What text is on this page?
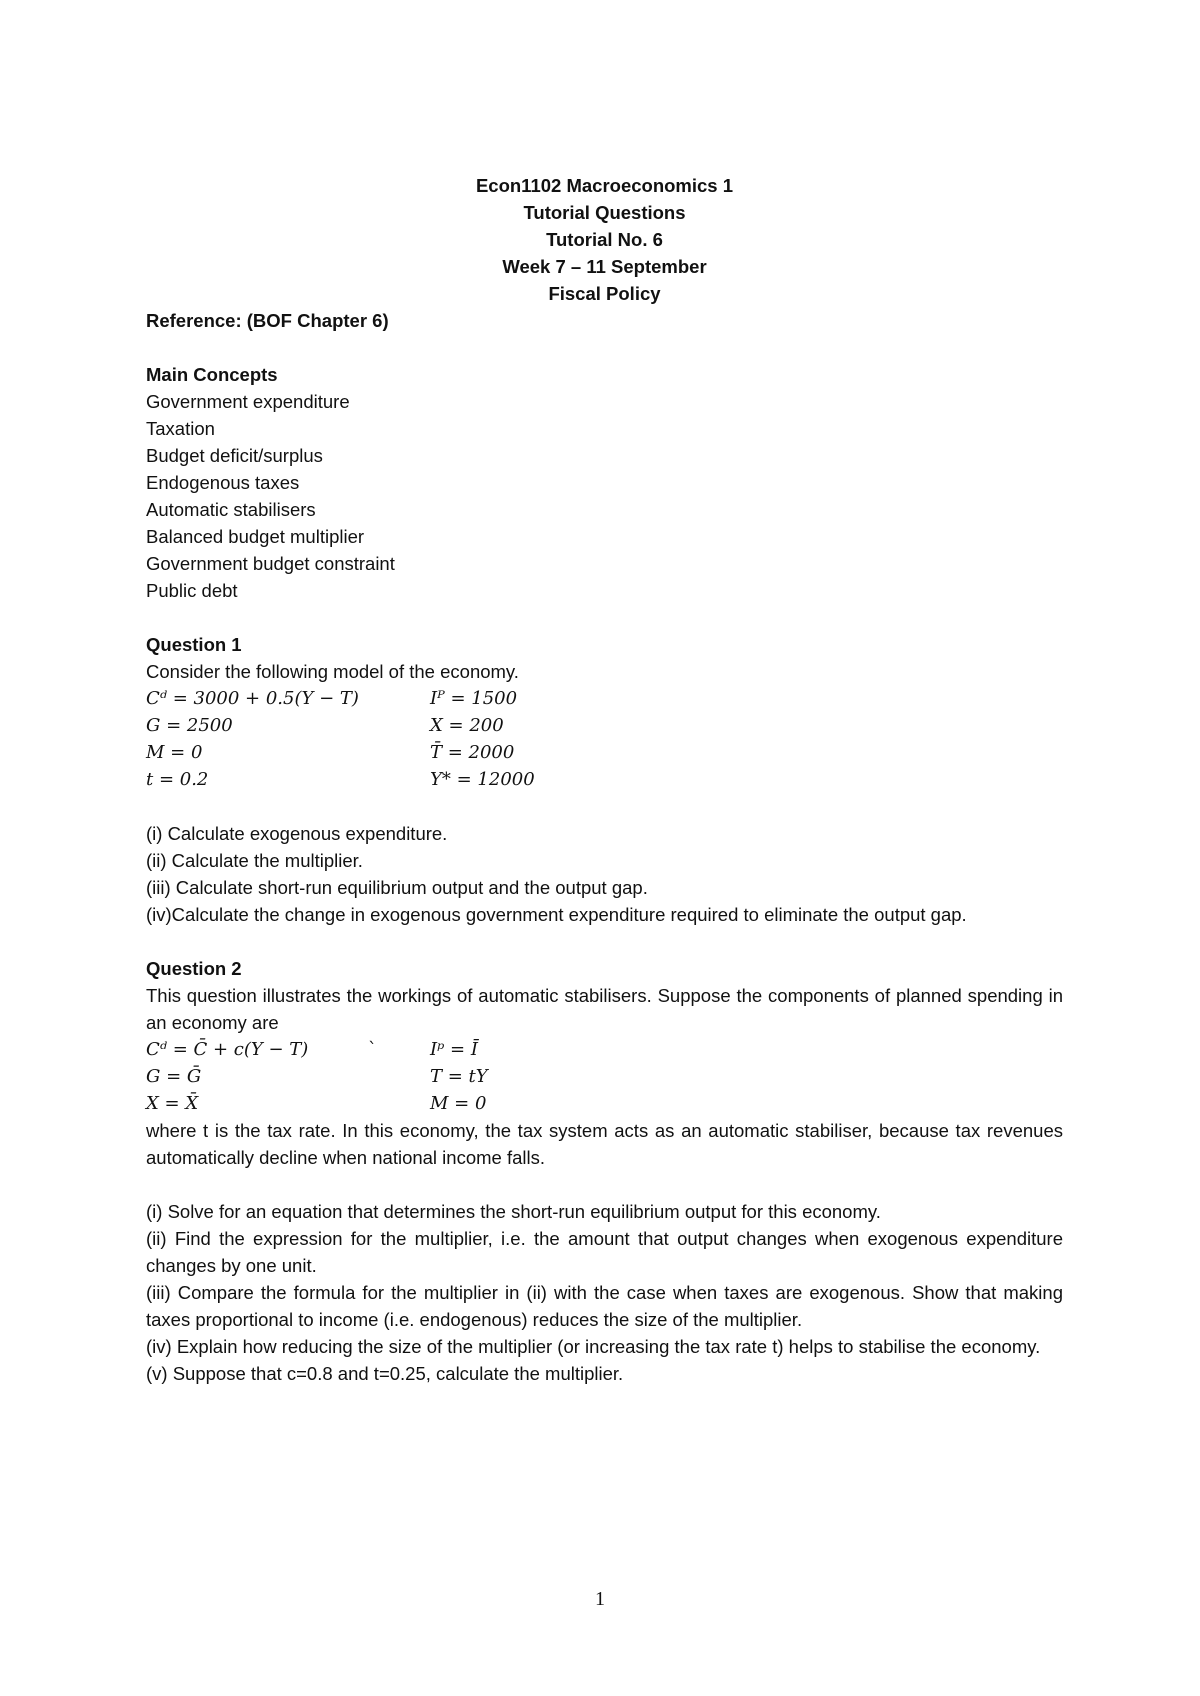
Econ1102 Macroeconomics 1
Tutorial Questions
Tutorial No. 6
Week 7 – 11 September
Fiscal Policy
Reference: (BOF Chapter 6)
Main Concepts
Government expenditure
Taxation
Budget deficit/surplus
Endogenous taxes
Automatic stabilisers
Balanced budget multiplier
Government budget constraint
Public debt
Question 1
Consider the following model of the economy.
Cᵈ = 3000 + 0.5(Y − T)	Iᴾ = 1500
G = 2500	X = 200
M = 0	T̄ = 2000
t = 0.2	Y* = 12000
(i) Calculate exogenous expenditure.
(ii) Calculate the multiplier.
(iii) Calculate short-run equilibrium output and the output gap.
(iv)Calculate the change in exogenous government expenditure required to eliminate the output gap.
Question 2
This question illustrates the workings of automatic stabilisers. Suppose the components of planned spending in an economy are
Cᵈ = C̄ + c(Y − T)	`	Iᵖ = Ī
G = Ḡ	T = tY
X = X̄	M = 0
where t is the tax rate. In this economy, the tax system acts as an automatic stabiliser, because tax revenues automatically decline when national income falls.
(i) Solve for an equation that determines the short-run equilibrium output for this economy.
(ii) Find the expression for the multiplier, i.e. the amount that output changes when exogenous expenditure changes by one unit.
(iii) Compare the formula for the multiplier in (ii) with the case when taxes are exogenous. Show that making taxes proportional to income (i.e. endogenous) reduces the size of the multiplier.
(iv) Explain how reducing the size of the multiplier (or increasing the tax rate t) helps to stabilise the economy.
(v) Suppose that c=0.8 and t=0.25, calculate the multiplier.
1
